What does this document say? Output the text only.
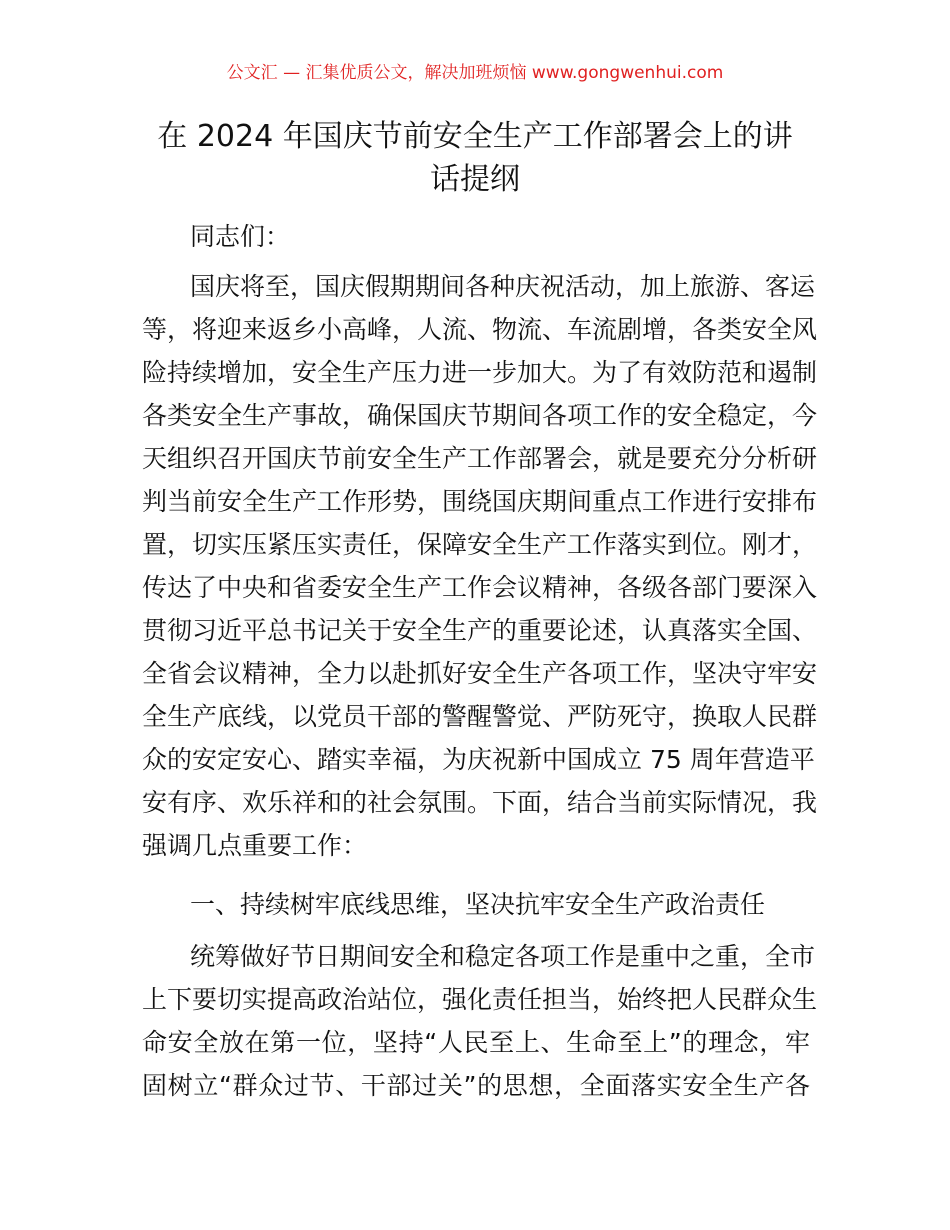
公文汇 — 汇集优质公文，解决加班烦恼 www.gongwenhui.com
在 2024 年国庆节前安全生产工作部署会上的讲
话提纲
同志们：
国庆将至，国庆假期期间各种庆祝活动，加上旅游、客运
等，将迎来返乡小高峰，人流、物流、车流剧增，各类安全风
险持续增加，安全生产压力进一步加大。为了有效防范和遏制
各类安全生产事故，确保国庆节期间各项工作的安全稳定，今
天组织召开国庆节前安全生产工作部署会，就是要充分分析研
判当前安全生产工作形势，围绕国庆期间重点工作进行安排布
置，切实压紧压实责任，保障安全生产工作落实到位。刚才，
传达了中央和省委安全生产工作会议精神，各级各部门要深入
贯彻习近平总书记关于安全生产的重要论述，认真落实全国、
全省会议精神，全力以赴抓好安全生产各项工作，坚决守牢安
全生产底线，以党员干部的警醒警觉、严防死守，换取人民群
众的安定安心、踏实幸福，为庆祝新中国成立 75 周年营造平
安有序、欢乐祥和的社会氛围。下面，结合当前实际情况，我
强调几点重要工作：
一、持续树牢底线思维，坚决抗牢安全生产政治责任
统筹做好节日期间安全和稳定各项工作是重中之重，全市
上下要切实提高政治站位，强化责任担当，始终把人民群众生
命安全放在第一位，坚持“人民至上、生命至上”的理念，牢
固树立“群众过节、干部过关”的思想，全面落实安全生产各
